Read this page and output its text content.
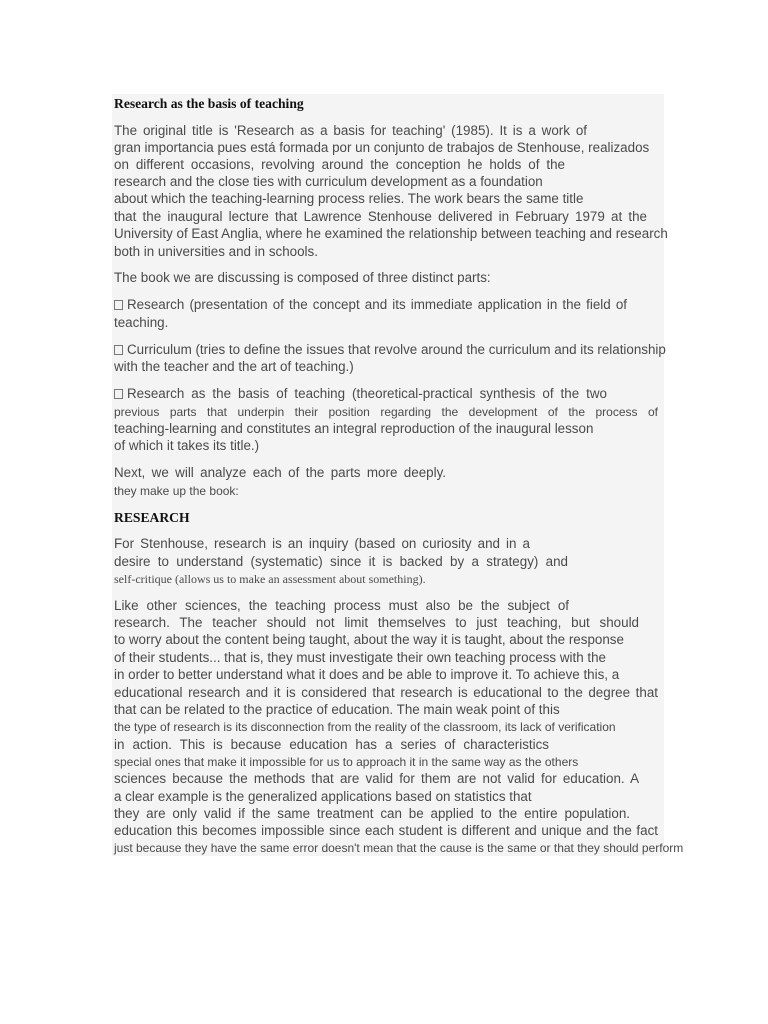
Research as the basis of teaching
The original title is 'Research as a basis for teaching' (1985). It is a work of
gran importancia pues está formada por un conjunto de trabajos de Stenhouse, realizados
on different occasions, revolving around the conception he holds of the
research and the close ties with curriculum development as a foundation
about which the teaching-learning process relies. The work bears the same title
that the inaugural lecture that Lawrence Stenhouse delivered in February 1979 at the
University of East Anglia, where he examined the relationship between teaching and research
both in universities and in schools.
The book we are discussing is composed of three distinct parts:
Research (presentation of the concept and its immediate application in the field of
teaching.
Curriculum (tries to define the issues that revolve around the curriculum and its relationship
with the teacher and the art of teaching.)
Research as the basis of teaching (theoretical-practical synthesis of the two
previous parts that underpin their position regarding the development of the process of
teaching-learning and constitutes an integral reproduction of the inaugural lesson
of which it takes its title.)
Next, we will analyze each of the parts more deeply.
they make up the book:
RESEARCH
For Stenhouse, research is an inquiry (based on curiosity and in a
desire to understand (systematic) since it is backed by a strategy) and
self-critique (allows us to make an assessment about something).
Like other sciences, the teaching process must also be the subject of
research. The teacher should not limit themselves to just teaching, but should
to worry about the content being taught, about the way it is taught, about the response
of their students... that is, they must investigate their own teaching process with the
in order to better understand what it does and be able to improve it. To achieve this, a
educational research and it is considered that research is educational to the degree that
that can be related to the practice of education. The main weak point of this
the type of research is its disconnection from the reality of the classroom, its lack of verification
in action. This is because education has a series of characteristics
special ones that make it impossible for us to approach it in the same way as the others
sciences because the methods that are valid for them are not valid for education. A
a clear example is the generalized applications based on statistics that
they are only valid if the same treatment can be applied to the entire population.
education this becomes impossible since each student is different and unique and the fact
just because they have the same error doesn't mean that the cause is the same or that they should perform
